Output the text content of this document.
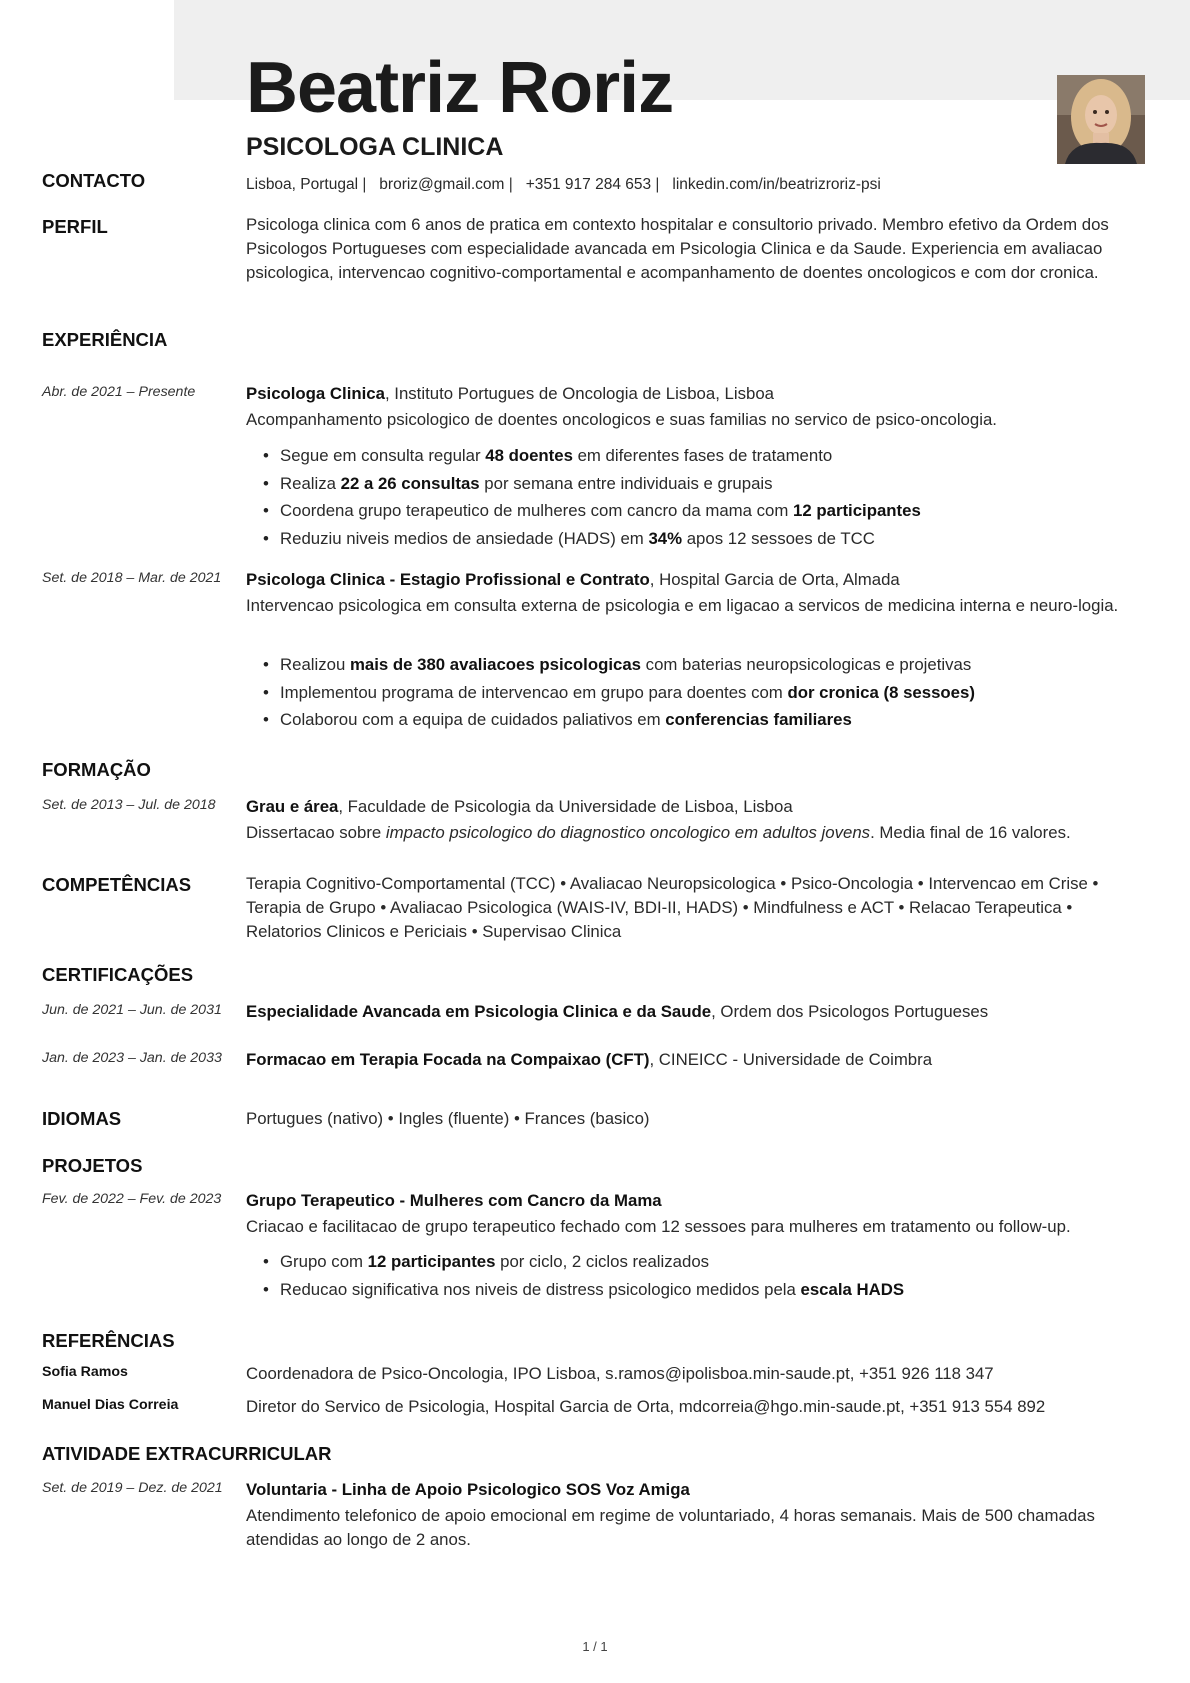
Beatriz Roriz
PSICOLOGA CLINICA
CONTACTO	Lisboa, Portugal | broriz@gmail.com | +351 917 284 653 | linkedin.com/in/beatrizroriz-psi
PERFIL	Psicologa clinica com 6 anos de pratica em contexto hospitalar e consultorio privado. Membro efetivo da Ordem dos Psicologos Portugueses com especialidade avancada em Psicologia Clinica e da Saude. Experiencia em avaliacao psicologica, intervencao cognitivo-comportamental e acompanhamento de doentes oncologicos e com dor cronica.
EXPERIÊNCIA
Abr. de 2021 – Presente	Psicologa Clinica, Instituto Portugues de Oncologia de Lisboa, Lisboa
Acompanhamento psicologico de doentes oncologicos e suas familias no servico de psico-oncologia.
• Segue em consulta regular 48 doentes em diferentes fases de tratamento
• Realiza 22 a 26 consultas por semana entre individuais e grupais
• Coordena grupo terapeutico de mulheres com cancro da mama com 12 participantes
• Reduziu niveis medios de ansiedade (HADS) em 34% apos 12 sessoes de TCC
Set. de 2018 – Mar. de 2021	Psicologa Clinica - Estagio Profissional e Contrato, Hospital Garcia de Orta, Almada
Intervencao psicologica em consulta externa de psicologia e em ligacao a servicos de medicina interna e neuro-logia.
• Realizou mais de 380 avaliacoes psicologicas com baterias neuropsicologicas e projetivas
• Implementou programa de intervencao em grupo para doentes com dor cronica (8 sessoes)
• Colaborou com a equipa de cuidados paliativos em conferencias familiares
FORMAÇÃO
Set. de 2013 – Jul. de 2018	Grau e área, Faculdade de Psicologia da Universidade de Lisboa, Lisboa
Dissertacao sobre impacto psicologico do diagnostico oncologico em adultos jovens. Media final de 16 valores.
COMPETÊNCIAS	Terapia Cognitivo-Comportamental (TCC) • Avaliacao Neuropsicologica • Psico-Oncologia • Intervencao em Crise • Terapia de Grupo • Avaliacao Psicologica (WAIS-IV, BDI-II, HADS) • Mindfulness e ACT • Relacao Terapeutica • Relatorios Clinicos e Periciais • Supervisao Clinica
CERTIFICAÇÕES
Jun. de 2021 – Jun. de 2031	Especialidade Avancada em Psicologia Clinica e da Saude, Ordem dos Psicologos Portugueses
Jan. de 2023 – Jan. de 2033	Formacao em Terapia Focada na Compaixao (CFT), CINEICC - Universidade de Coimbra
IDIOMAS	Portugues (nativo) • Ingles (fluente) • Frances (basico)
PROJETOS
Fev. de 2022 – Fev. de 2023	Grupo Terapeutico - Mulheres com Cancro da Mama
Criacao e facilitacao de grupo terapeutico fechado com 12 sessoes para mulheres em tratamento ou follow-up.
• Grupo com 12 participantes por ciclo, 2 ciclos realizados
• Reducao significativa nos niveis de distress psicologico medidos pela escala HADS
REFERÊNCIAS
Sofia Ramos	Coordenadora de Psico-Oncologia, IPO Lisboa, s.ramos@ipolisboa.min-saude.pt, +351 926 118 347
Manuel Dias Correia	Diretor do Servico de Psicologia, Hospital Garcia de Orta, mdcorreia@hgo.min-saude.pt, +351 913 554 892
ATIVIDADE EXTRACURRICULAR
Set. de 2019 – Dez. de 2021	Voluntaria - Linha de Apoio Psicologico SOS Voz Amiga
Atendimento telefonico de apoio emocional em regime de voluntariado, 4 horas semanais. Mais de 500 chamadas atendidas ao longo de 2 anos.
1 / 1
